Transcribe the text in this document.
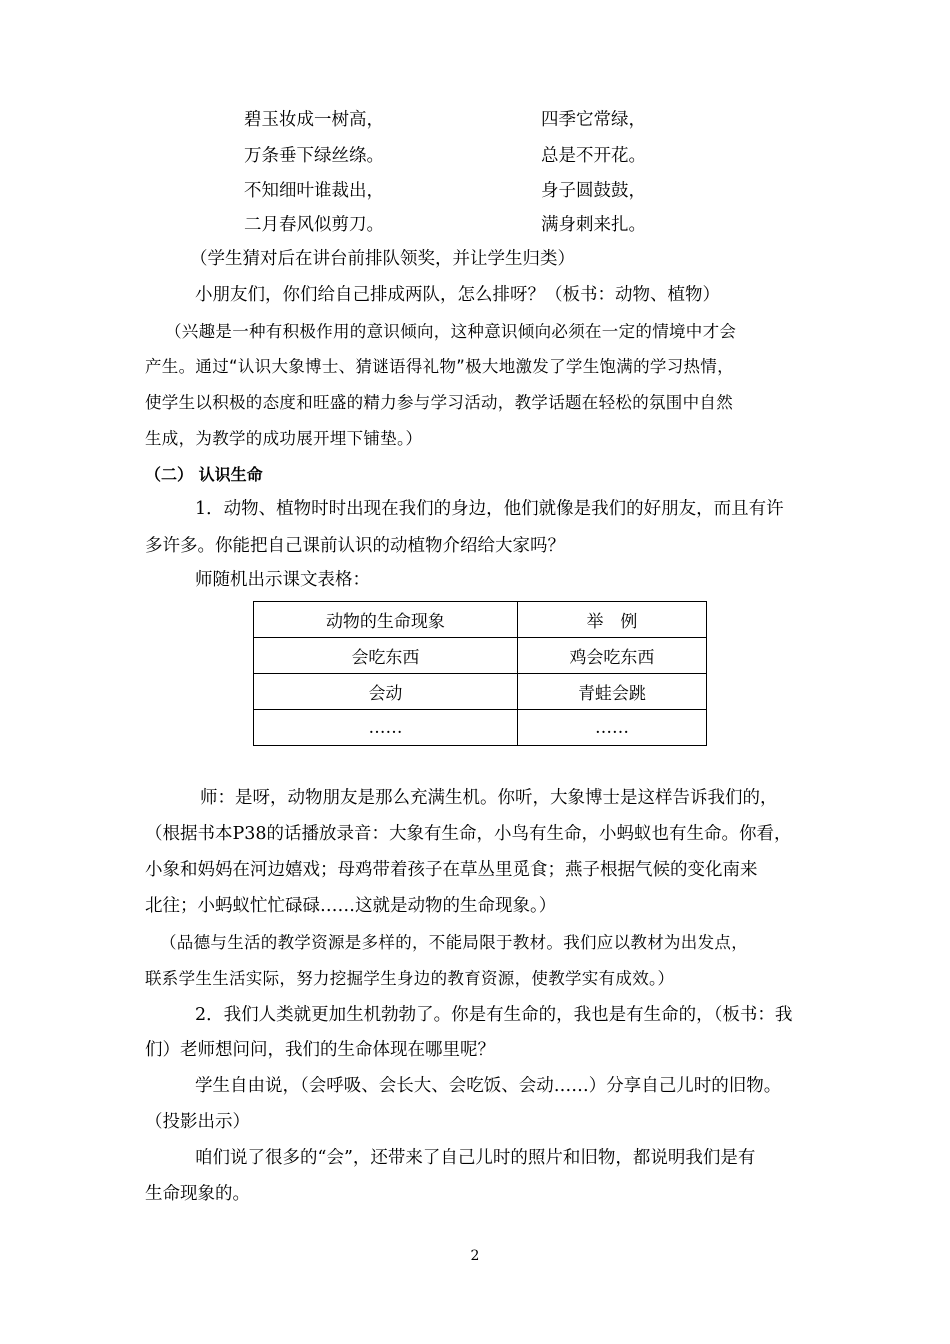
碧玉妆成一树高，
万条垂下绿丝绦。
不知细叶谁裁出，
二月春风似剪刀。
四季它常绿，
总是不开花。
身子圆鼓鼓，
满身刺来扎。
（学生猜对后在讲台前排队领奖，并让学生归类）
小朋友们，你们给自己排成两队，怎么排呀？（板书：动物、植物）
（兴趣是一种有积极作用的意识倾向，这种意识倾向必须在一定的情境中才会
产生。通过“认识大象博士、猜谜语得礼物”极大地激发了学生饱满的学习热情，
使学生以积极的态度和旺盛的精力参与学习活动，教学话题在轻松的氛围中自然
生成，为教学的成功展开埋下铺垫。）
（二） 认识生命
1．动物、植物时时出现在我们的身边，他们就像是我们的好朋友，而且有许
多许多。你能把自己课前认识的动植物介绍给大家吗？
师随机出示课文表格：
动物的生命现象	举　例
会吃东西	鸡会吃东西
会动	青蛙会跳
……	……
师：是呀，动物朋友是那么充满生机。你听，大象博士是这样告诉我们的，
（根据书本P38的话播放录音：大象有生命，小鸟有生命，小蚂蚁也有生命。你看，
小象和妈妈在河边嬉戏；母鸡带着孩子在草丛里觅食；燕子根据气候的变化南来
北往；小蚂蚁忙忙碌碌……这就是动物的生命现象。）
（品德与生活的教学资源是多样的，不能局限于教材。我们应以教材为出发点，
联系学生生活实际，努力挖掘学生身边的教育资源，使教学实有成效。）
2．我们人类就更加生机勃勃了。你是有生命的，我也是有生命的，（板书：我
们）老师想问问，我们的生命体现在哪里呢？
学生自由说，（会呼吸、会长大、会吃饭、会动……）分享自己儿时的旧物。
（投影出示）
咱们说了很多的“会”，还带来了自己儿时的照片和旧物，都说明我们是有
生命现象的。
2
